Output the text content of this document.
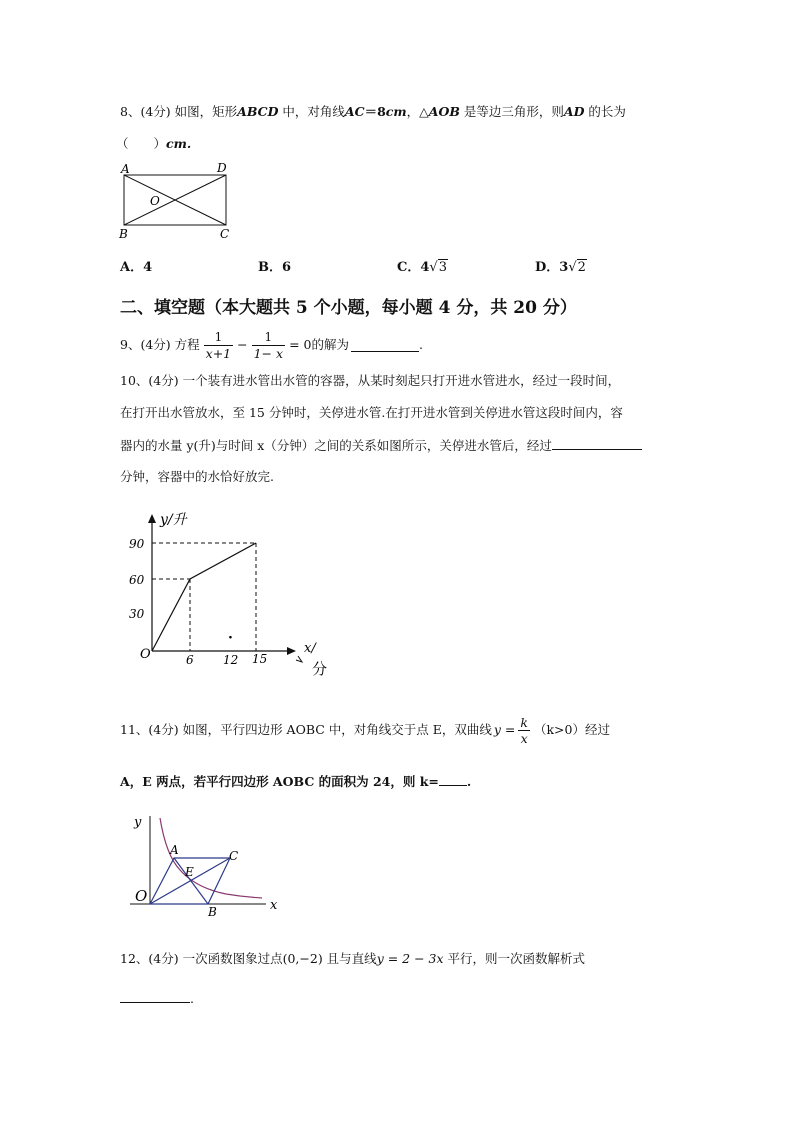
8、(4分) 如图，矩形ABCD 中，对角线AC＝8cm，△AOB 是等边三角形，则AD 的长为
（　　）cm.
A	D
O
B	C
A．4	B．6	C．4√3	D．3√2
二、填空题（本大题共 5 个小题，每小题 4 分，共 20 分）
9、(4分) 方程 $\frac{1}{x+1} - \frac{1}{1- x} = 0$ 的解为	.
10、(4分) 一个装有进水管出水管的容器，从某时刻起只打开进水管进水，经过一段时间，
在打开出水管放水，至 15 分钟时，关停进水管.在打开进水管到关停进水管这段时间内，容
器内的水量 y(升)与时间 x（分钟）之间的关系如图所示，关停进水管后，经过
分钟，容器中的水恰好放完.
y/升
90
60
30
O	6 12 15
·
x/
分
11、(4分) 如图，平行四边形 AOBC 中，对角线交于点 E，双曲线 $y = \frac{k}{x} (k>0)$经过
A，E 两点，若平行四边形 AOBC 的面积为 24，则 k= .
y
x
O
A	C
E
B
12、(4分) 一次函数图象过点(0,−2) 且与直线y = 2 − 3x 平行，则一次函数解析式
.
